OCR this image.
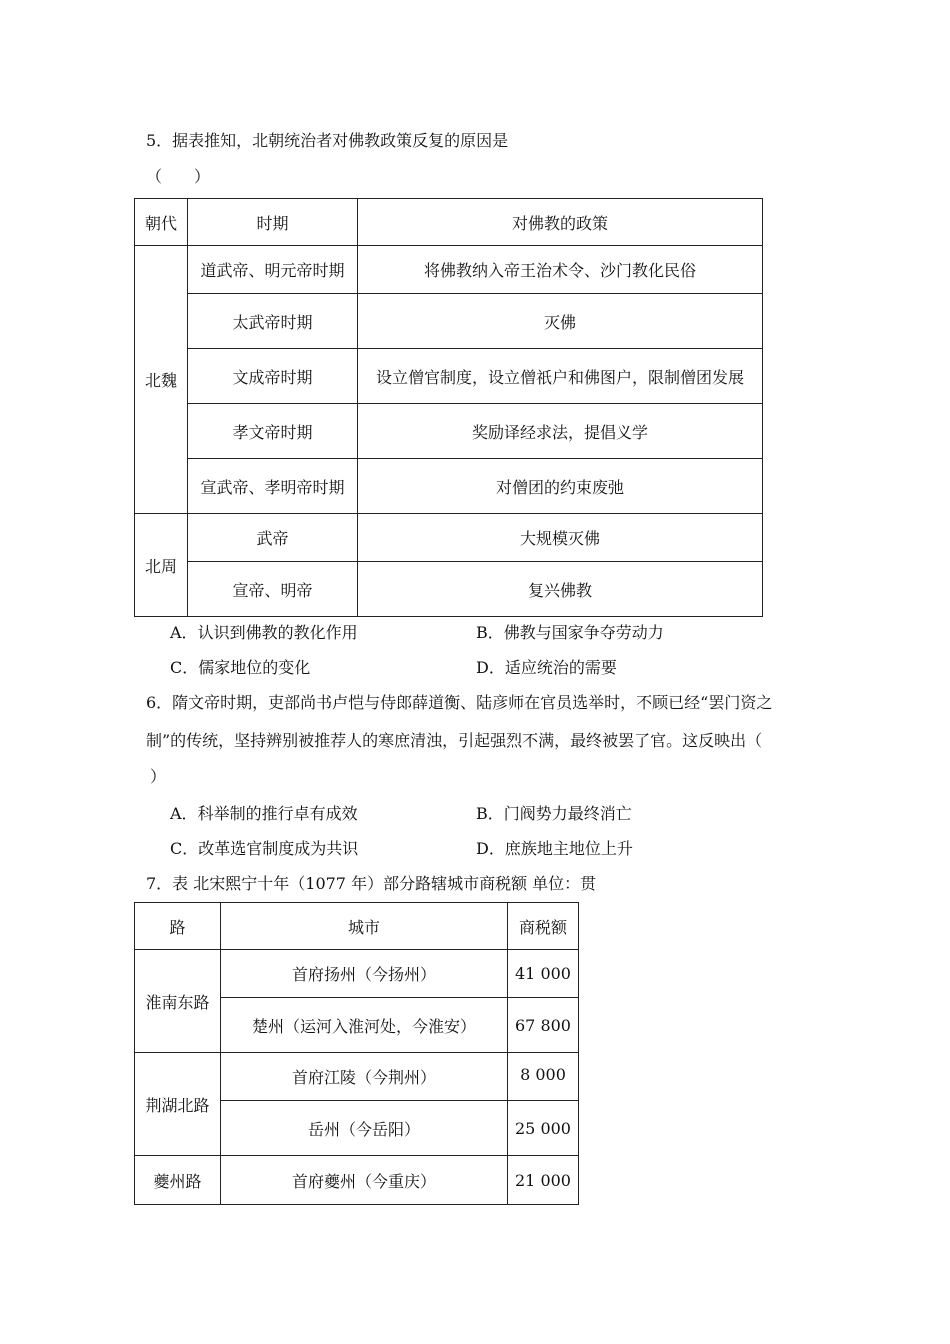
5．据表推知，北朝统治者对佛教政策反复的原因是
（　　）
朝代	时期	对佛教的政策
北魏	道武帝、明元帝时期	将佛教纳入帝王治术令、沙门教化民俗
	太武帝时期	灭佛
	文成帝时期	设立僧官制度，设立僧祇户和佛图户，限制僧团发展
	孝文帝时期	奖励译经求法，提倡义学
	宣武帝、孝明帝时期	对僧团的约束废弛
北周	武帝	大规模灭佛
	宣帝、明帝	复兴佛教
A．认识到佛教的教化作用	B．佛教与国家争夺劳动力
C．儒家地位的变化	D．适应统治的需要
6．隋文帝时期，吏部尚书卢恺与侍郎薛道衡、陆彦师在官员选举时，不顾已经“罢门资之
制”的传统，坚持辨别被推荐人的寒庶清浊，引起强烈不满，最终被罢了官。这反映出（
）
A．科举制的推行卓有成效	B．门阀势力最终消亡
C．改革选官制度成为共识	D．庶族地主地位上升
7．表 北宋熙宁十年（1077 年）部分路辖城市商税额 单位：贯
路	城市	商税额
淮南东路	首府扬州（今扬州）	41 000
	楚州（运河入淮河处，今淮安）	67 800
荆湖北路	首府江陵（今荆州）	8 000
	岳州（今岳阳）	25 000
夔州路	首府夔州（今重庆）	21 000
